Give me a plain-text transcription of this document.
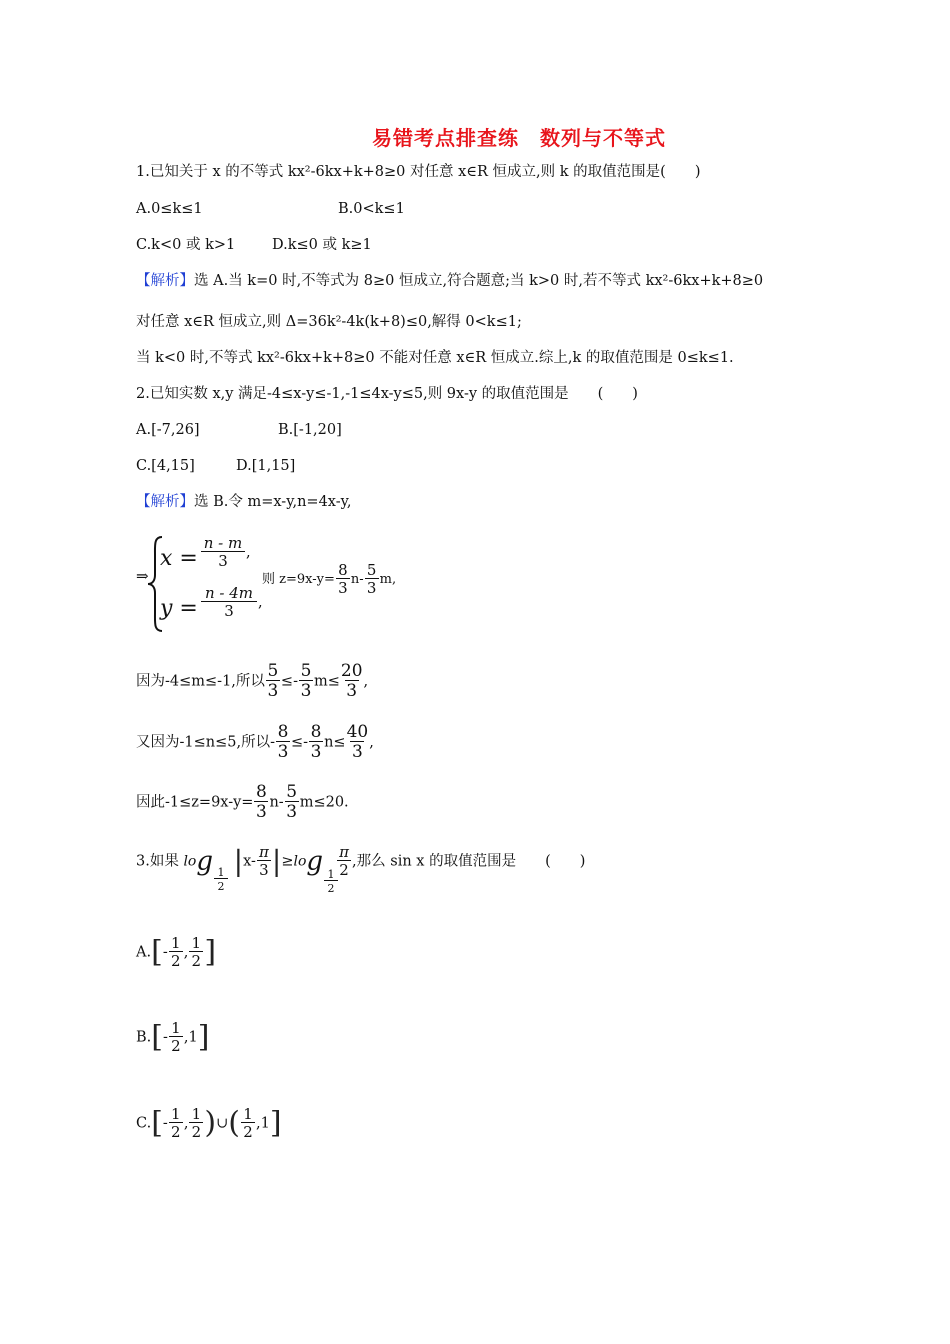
易错考点排查练　数列与不等式
1.已知关于 x 的不等式 kx²-6kx+k+8≥0 对任意 x∈R 恒成立,则 k 的取值范围是(　　)
A.0≤k≤1	B.0<k≤1
C.k<0 或 k>1	D.k≤0 或 k≥1
【解析】选 A.当 k=0 时,不等式为 8≥0 恒成立,符合题意;当 k>0 时,若不等式 kx²-6kx+k+8≥0
对任意 x∈R 恒成立,则 Δ=36k²-4k(k+8)≤0,解得 0<k≤1;
当 k<0 时,不等式 kx²-6kx+k+8≥0 不能对任意 x∈R 恒成立.综上,k 的取值范围是 0≤k≤1.
2.已知实数 x,y 满足-4≤x-y≤-1,-1≤4x-y≤5,则 9x-y 的取值范围是　　(　　)
A.[-7,26]	B.[-1,20]
C.[4,15]	D.[1,15]
【解析】选 B.令 m=x-y,n=4x-y,
⇒
$x = \frac{n - m}{3}$ ,
$y = \frac{n - 4m}{3}$ ,
则 $z=9x-y= \frac{8}{3} n- \frac{5}{3} m$,
因为-4≤m≤-1,所以 $\frac{5}{3} \le- \frac{5}{3} m\le \frac{20}{3}$ ,
又因为-1≤n≤5,所以- $\frac{8}{3} \le- \frac{8}{3} n\le \frac{40}{3}$ ,
因此$-1\le z=9x-y= \frac{8}{3} n- \frac{5}{3} m\le 20$.
3.如果 log
$\frac{1}{2}$
$|x- \frac{\pi}{3} |\ge\log$
$\frac{1}{2}$
$\frac{\pi}{2}$ ,那么 sin x 的取值范围是　　(　　)
$A.[- \frac{1}{2}$ , $\frac{1}{2}$ ]
$B.[- \frac{1}{2} ,1]$
$C.[- \frac{1}{2}$ , $\frac{1}{2}$ )∪( $\frac{1}{2} ,1$]
